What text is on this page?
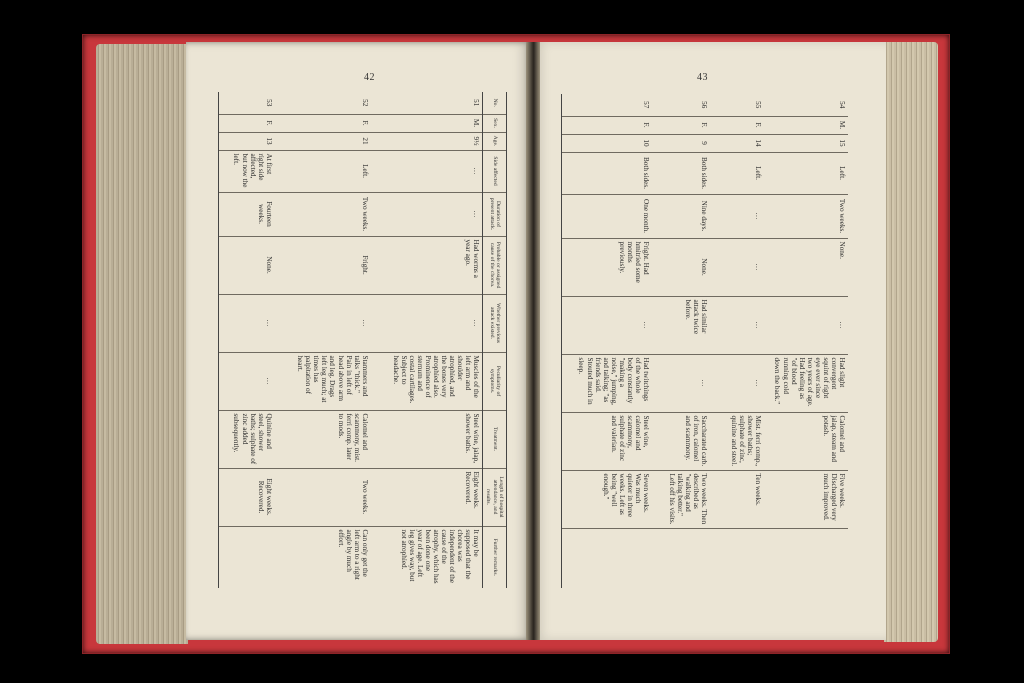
42	43
No.	Sex.	Age.	Side affected	Duration of present attack.	Probable or assigned cause of the chorea.	Whether previous attack existed.	Peculiarity of symptoms.	Treatment.	Length of hospital attendance, and results.	Further remarks.
51	M.	9½	…	…	Had worms a year ago.	…	Muscles of the left arm and shoulder atrophied, and the bones very atrophied also. Prominence of sternum and costal cartilages. Subject to headache.	Steel wine, jalap, shower baths.	Eight weeks. Recovered.	It may be supposed that the chorea was independent of the cause of the atrophy, which has been done one year of age. Left leg gives way, but not atrophied.
52	F.	21	Left.	Two weeks.	Fright.	…	Stammers and talks "thick." Pain in left of head above arm and leg. Drags left leg much; at times has palpitation of heart.	Calomel and scammony, mist. ferri comp. later to mods.	Two weeks.	Can only get the left arm to a right angle by much effort.
53	F.	13	At first right side affected, but now the left.	Fourteen weeks.	None.	…	…	Quinine and steel, shower baths; sulphate of zinc added subsequently.	Eight weeks. Recovered.	
54	M.	15	Left.	Two weeks.	None.	…	Had slight convergent squint of right eye ever since two years of age. Had feeling as "of blood running cold down the back."	Calomel and jalap, steam and potash.	Five weeks. Discharged very much improved.	
55	F.	14	Left.	…	…	…	…	Mist. ferri comp., shower baths; sulphate of zinc, quinine and steel.	Ten weeks.	
56	F.	9	Both sides.	Nine days.	None.	Had similar attack twice before.	…	Saccharated carb. of iron, calomel and scammony.	Two weeks. Then described as "walking and talking better." Left off his visits.	
57	F.	10	Both sides.	One month.	Fright. Had hmitried some months previously.	…	Had twitchings of the whole body constantly "making a noise," jumping, and talking; "as friends said. Stouted much in sleep.	Steel wine, calomel and scammony, sulphate of zinc and valerian.	Seven weeks. Was much quieter in three weeks. Left as being "well enough."	
